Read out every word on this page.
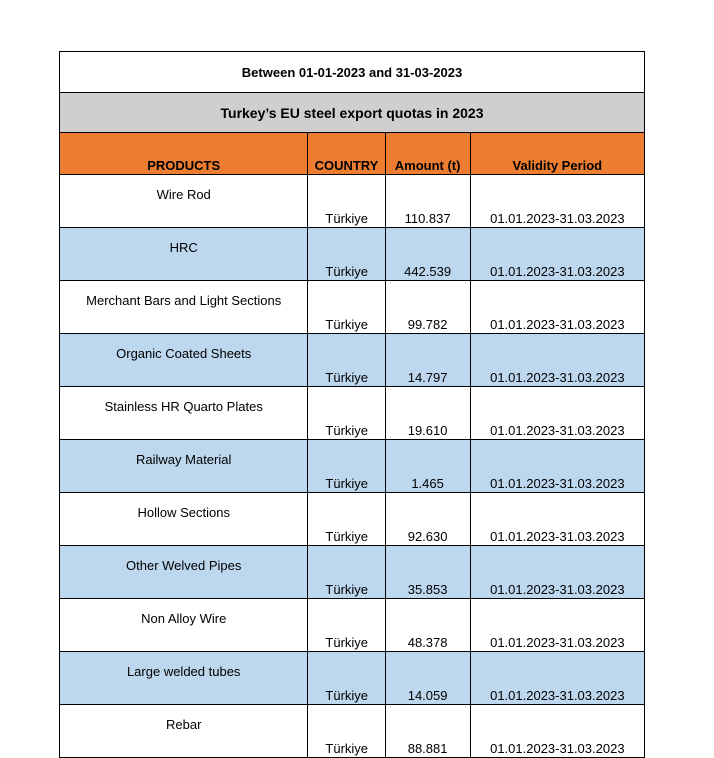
Between 01-01-2023 and 31-03-2023			
Turkey’s EU steel export quotas in 2023			
PRODUCTS	COUNTRY	Amount (t)	Validity Period
Wire Rod	Türkiye	110.837	01.01.2023-31.03.2023
HRC	Türkiye	442.539	01.01.2023-31.03.2023
Merchant Bars and Light Sections	Türkiye	99.782	01.01.2023-31.03.2023
Organic Coated Sheets	Türkiye	14.797	01.01.2023-31.03.2023
Stainless HR Quarto Plates	Türkiye	19.610	01.01.2023-31.03.2023
Railway Material	Türkiye	1.465	01.01.2023-31.03.2023
Hollow Sections	Türkiye	92.630	01.01.2023-31.03.2023
Other Welved Pipes	Türkiye	35.853	01.01.2023-31.03.2023
Non Alloy Wire	Türkiye	48.378	01.01.2023-31.03.2023
Large welded tubes	Türkiye	14.059	01.01.2023-31.03.2023
Rebar	Türkiye	88.881	01.01.2023-31.03.2023
